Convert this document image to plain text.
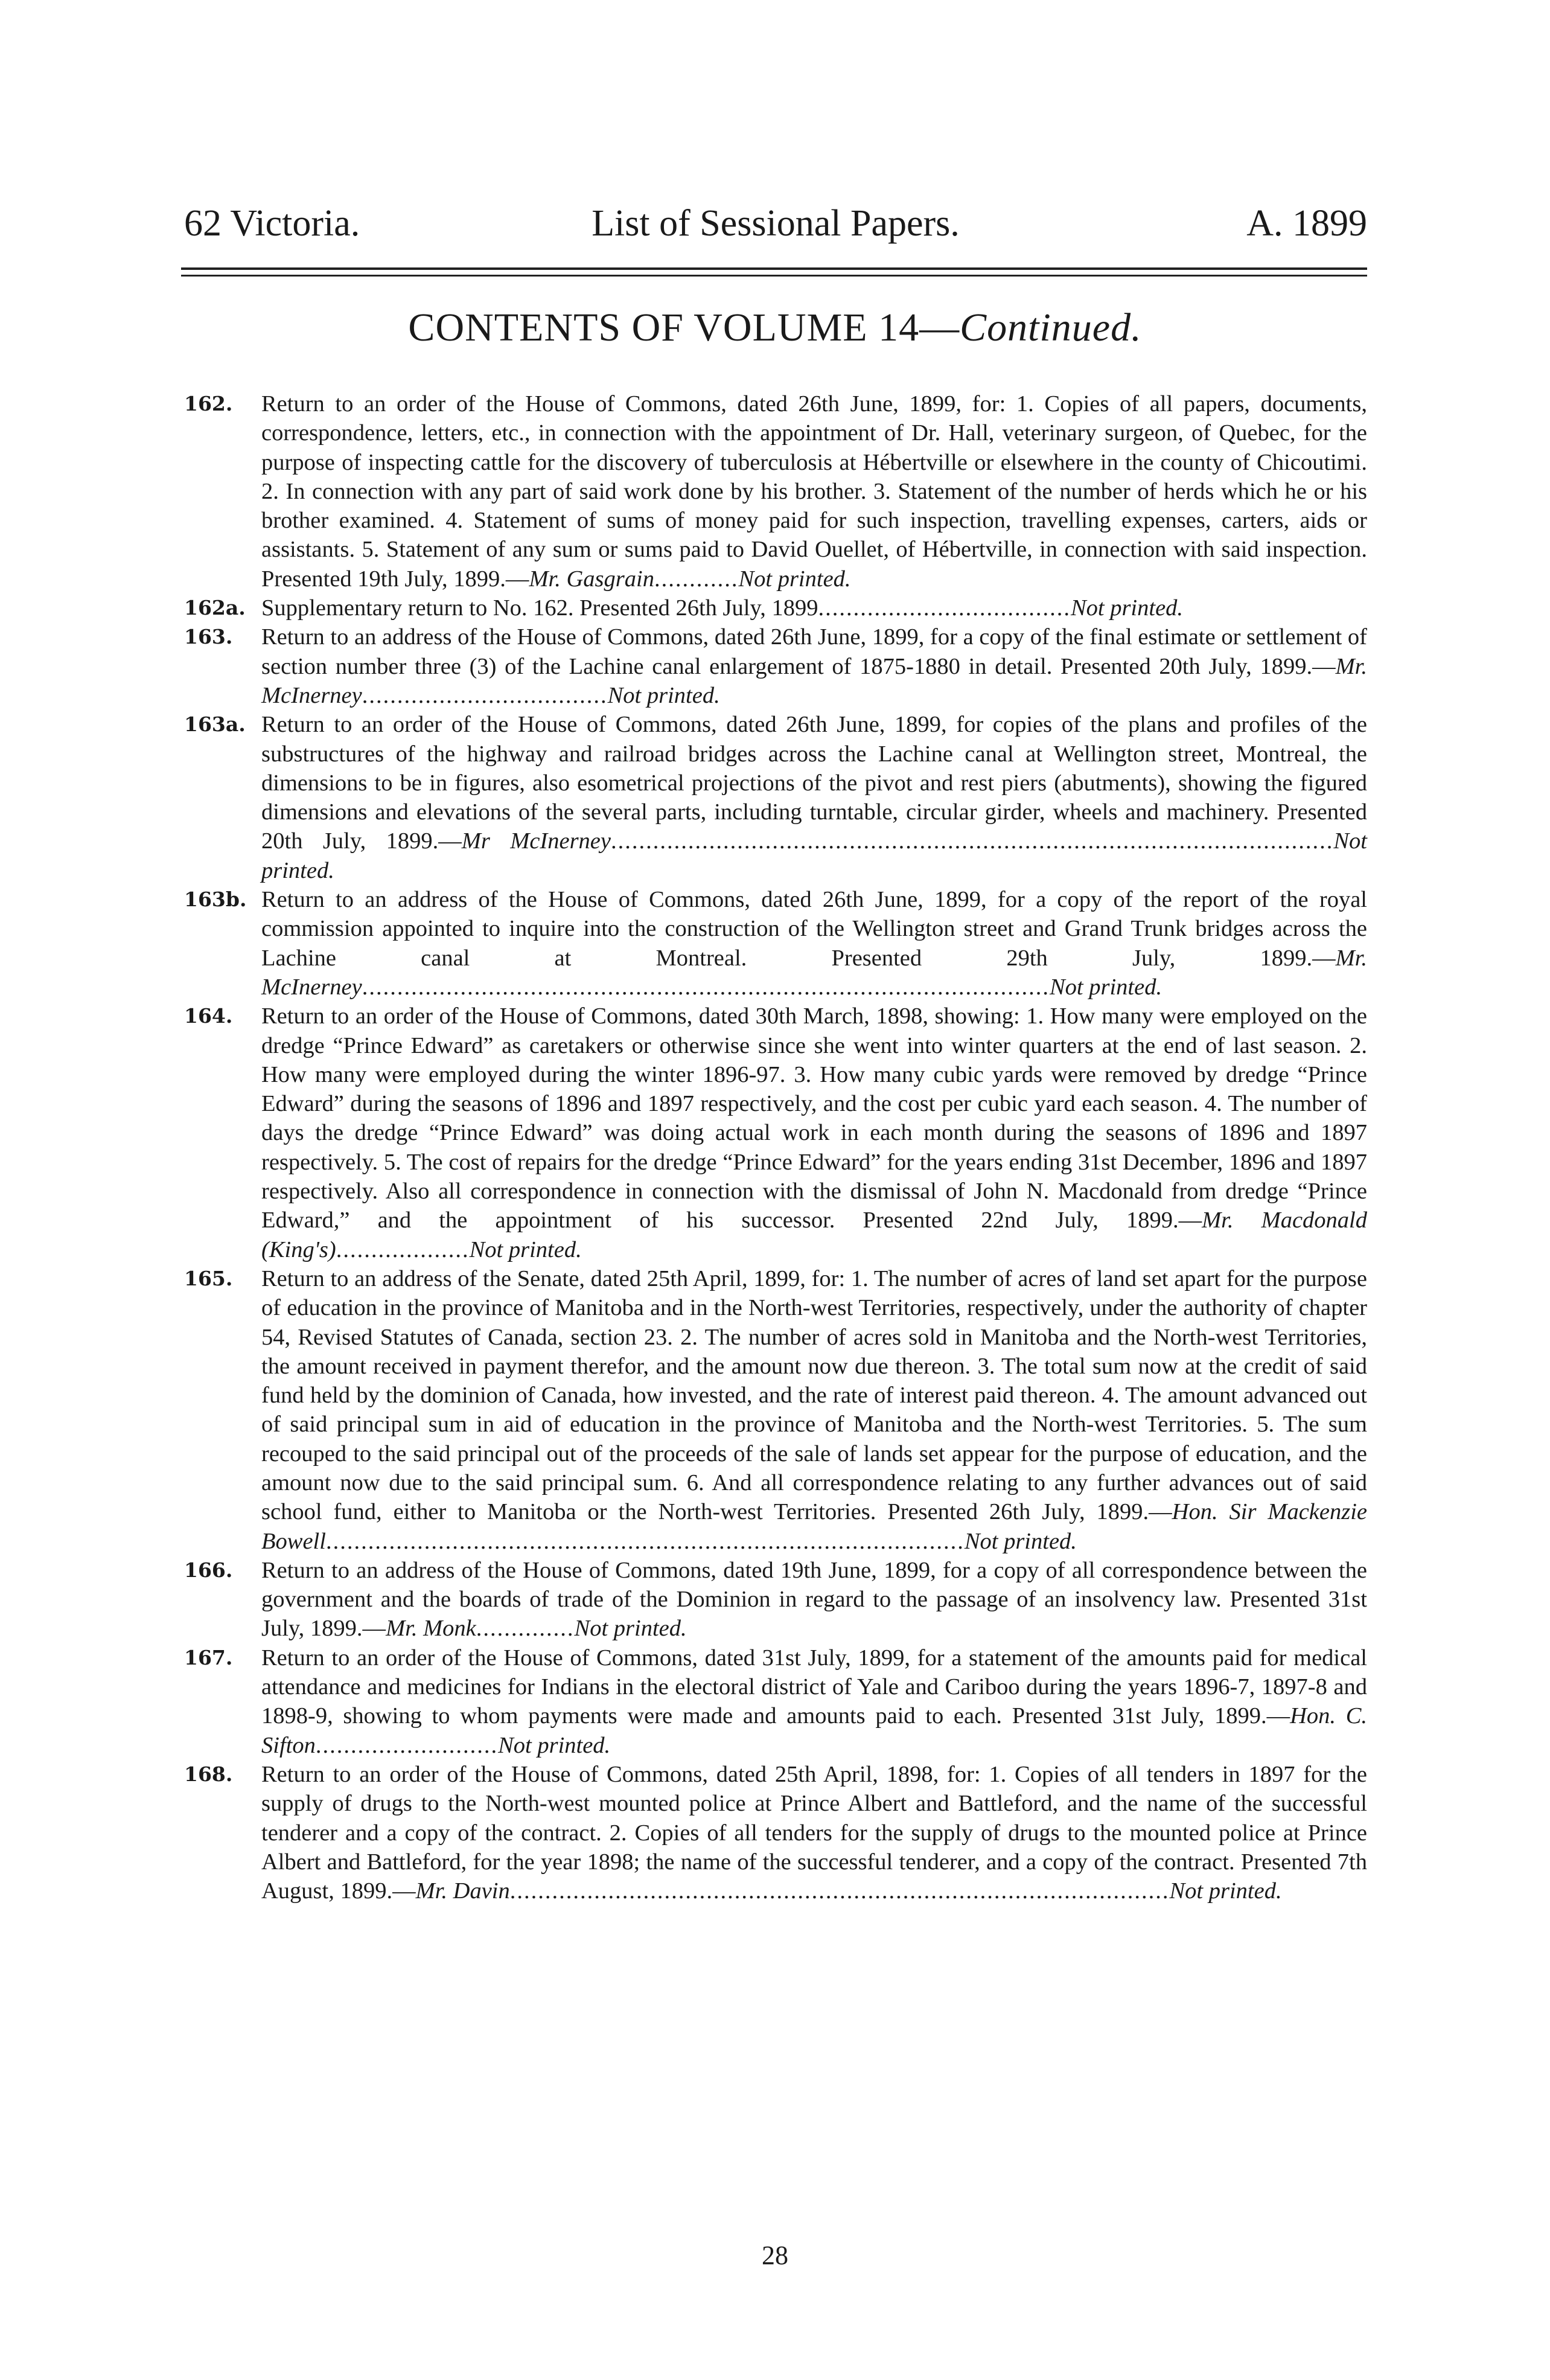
62 Victoria.	List of Sessional Papers.	A. 1899
CONTENTS OF VOLUME 14—Continued.
162. Return to an order of the House of Commons, dated 26th June, 1899, for: 1. Copies of all papers, documents, correspondence, letters, etc., in connection with the appointment of Dr. Hall, veterinary surgeon, of Quebec, for the purpose of inspecting cattle for the discovery of tuberculosis at Hébertville or elsewhere in the county of Chicoutimi. 2. In connection with any part of said work done by his brother. 3. Statement of the number of herds which he or his brother examined. 4. Statement of sums of money paid for such inspection, travelling expenses, carters, aids or assistants. 5. Statement of any sum or sums paid to David Ouellet, of Hébertville, in connection with said inspection. Presented 19th July, 1899.—Mr. Gasgrain............Not printed.
162a. Supplementary return to No. 162. Presented 26th July, 1899....................................Not printed.
163. Return to an address of the House of Commons, dated 26th June, 1899, for a copy of the final estimate or settlement of section number three (3) of the Lachine canal enlargement of 1875-1880 in detail. Presented 20th July, 1899.—Mr. McInerney...................................Not printed.
163a. Return to an order of the House of Commons, dated 26th June, 1899, for copies of the plans and profiles of the substructures of the highway and railroad bridges across the Lachine canal at Wellington street, Montreal, the dimensions to be in figures, also esometrical projections of the pivot and rest piers (abutments), showing the figured dimensions and elevations of the several parts, including turntable, circular girder, wheels and machinery. Presented 20th July, 1899.—Mr McInerney.......................................................................................................Not printed.
163b. Return to an address of the House of Commons, dated 26th June, 1899, for a copy of the report of the royal commission appointed to inquire into the construction of the Wellington street and Grand Trunk bridges across the Lachine canal at Montreal. Presented 29th July, 1899.—Mr. McInerney..................................................................................................Not printed.
164. Return to an order of the House of Commons, dated 30th March, 1898, showing: 1. How many were employed on the dredge “Prince Edward” as caretakers or otherwise since she went into winter quarters at the end of last season. 2. How many were employed during the winter 1896-97. 3. How many cubic yards were removed by dredge “Prince Edward” during the seasons of 1896 and 1897 respectively, and the cost per cubic yard each season. 4. The number of days the dredge “Prince Edward” was doing actual work in each month during the seasons of 1896 and 1897 respectively. 5. The cost of repairs for the dredge “Prince Edward” for the years ending 31st December, 1896 and 1897 respectively. Also all correspondence in connection with the dismissal of John N. Macdonald from dredge “Prince Edward,” and the appointment of his successor. Presented 22nd July, 1899.—Mr. Macdonald (King's)...................Not printed.
165. Return to an address of the Senate, dated 25th April, 1899, for: 1. The number of acres of land set apart for the purpose of education in the province of Manitoba and in the North-west Territories, respectively, under the authority of chapter 54, Revised Statutes of Canada, section 23. 2. The number of acres sold in Manitoba and the North-west Territories, the amount received in payment therefor, and the amount now due thereon. 3. The total sum now at the credit of said fund held by the dominion of Canada, how invested, and the rate of interest paid thereon. 4. The amount advanced out of said principal sum in aid of education in the province of Manitoba and the North-west Territories. 5. The sum recouped to the said principal out of the proceeds of the sale of lands set appear for the purpose of education, and the amount now due to the said principal sum. 6. And all correspondence relating to any further advances out of said school fund, either to Manitoba or the North-west Territories. Presented 26th July, 1899.—Hon. Sir Mackenzie Bowell...........................................................................................Not printed.
166. Return to an address of the House of Commons, dated 19th June, 1899, for a copy of all correspondence between the government and the boards of trade of the Dominion in regard to the passage of an insolvency law. Presented 31st July, 1899.—Mr. Monk..............Not printed.
167. Return to an order of the House of Commons, dated 31st July, 1899, for a statement of the amounts paid for medical attendance and medicines for Indians in the electoral district of Yale and Cariboo during the years 1896-7, 1897-8 and 1898-9, showing to whom payments were made and amounts paid to each. Presented 31st July, 1899.—Hon. C. Sifton..........................Not printed.
168. Return to an order of the House of Commons, dated 25th April, 1898, for: 1. Copies of all tenders in 1897 for the supply of drugs to the North-west mounted police at Prince Albert and Battleford, and the name of the successful tenderer and a copy of the contract. 2. Copies of all tenders for the supply of drugs to the mounted police at Prince Albert and Battleford, for the year 1898; the name of the successful tenderer, and a copy of the contract. Presented 7th August, 1899.—Mr. Davin..............................................................................................Not printed.
28
